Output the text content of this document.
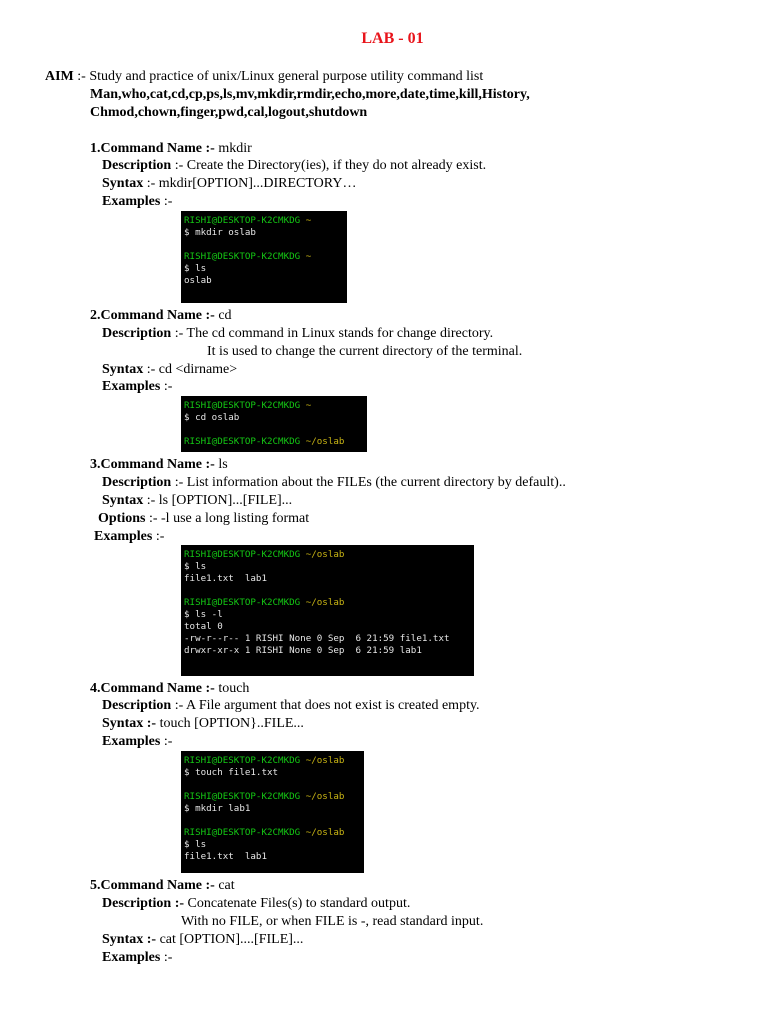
LAB - 01
AIM :- Study and practice of unix/Linux general purpose utility command list
Man,who,cat,cd,cp,ps,ls,mv,mkdir,rmdir,echo,more,date,time,kill,History,
Chmod,chown,finger,pwd,cal,logout,shutdown
1.Command Name :- mkdir
Description :- Create the Directory(ies), if they do not already exist.
Syntax :- mkdir[OPTION]...DIRECTORY…
Examples :-
RISHI@DESKTOP-K2CMKDG ~
$ mkdir oslab
RISHI@DESKTOP-K2CMKDG ~
$ ls
oslab
2.Command Name :- cd
Description :- The cd command in Linux stands for change directory.
It is used to change the current directory of the terminal.
Syntax :- cd <dirname>
Examples :-
RISHI@DESKTOP-K2CMKDG ~
$ cd oslab
RISHI@DESKTOP-K2CMKDG ~/oslab
3.Command Name :- ls
Description :- List information about the FILEs (the current directory by default)..
Syntax :- ls [OPTION]...[FILE]...
Options :- -l use a long listing format
Examples :-
RISHI@DESKTOP-K2CMKDG ~/oslab
$ ls
file1.txt  lab1
RISHI@DESKTOP-K2CMKDG ~/oslab
$ ls -l
total 0
-rw-r--r-- 1 RISHI None 0 Sep  6 21:59 file1.txt
drwxr-xr-x 1 RISHI None 0 Sep  6 21:59 lab1
4.Command Name :- touch
Description :- A File argument that does not exist is created empty.
Syntax :- touch [OPTION}..FILE...
Examples :-
RISHI@DESKTOP-K2CMKDG ~/oslab
$ touch file1.txt
RISHI@DESKTOP-K2CMKDG ~/oslab
$ mkdir lab1
RISHI@DESKTOP-K2CMKDG ~/oslab
$ ls
file1.txt  lab1
5.Command Name :- cat
Description :- Concatenate Files(s) to standard output.
With no FILE, or when FILE is -, read standard input.
Syntax :- cat [OPTION]....[FILE]...
Examples :-
